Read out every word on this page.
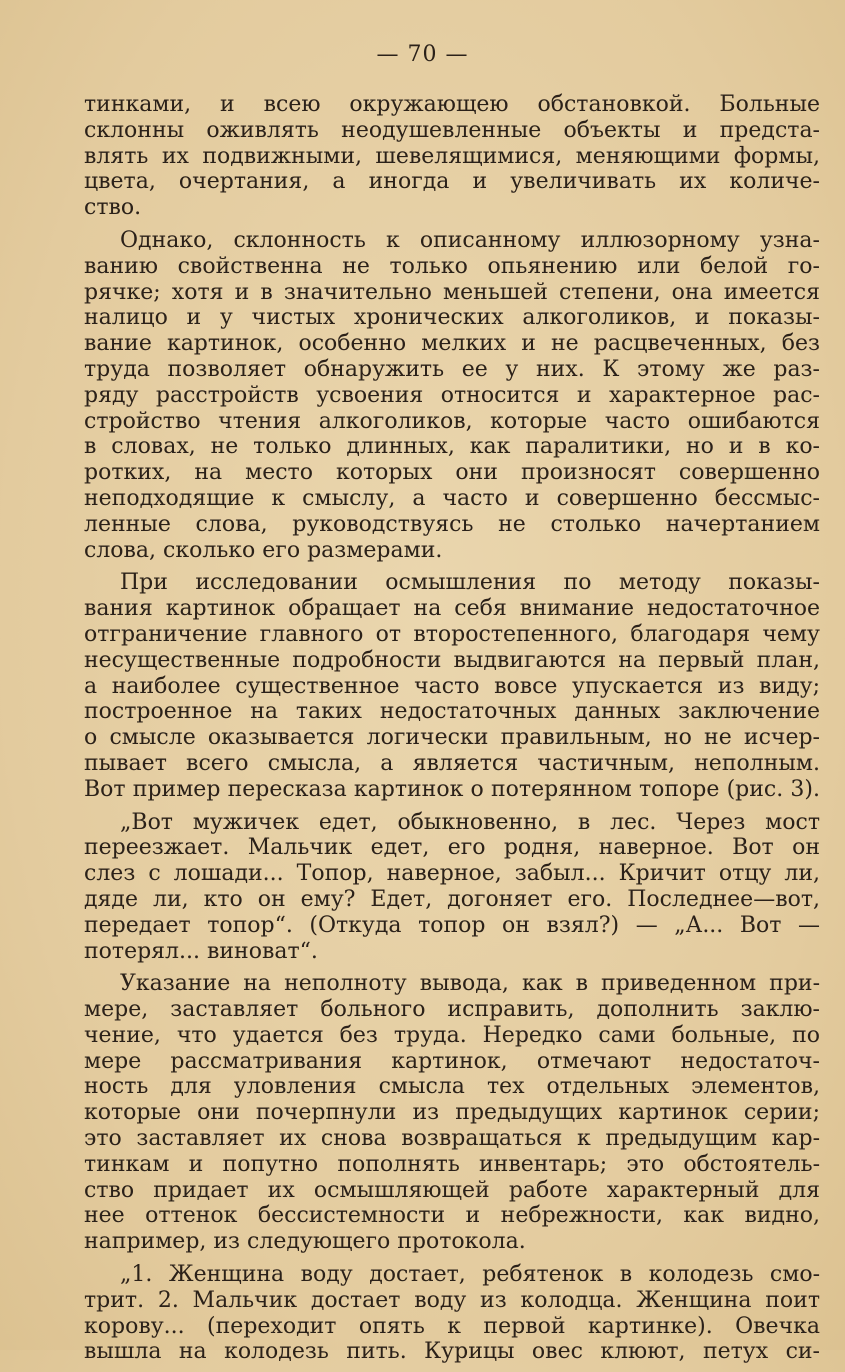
— 70 —
тинками, и всею окружающею обстановкой. Больные
склонны оживлять неодушевленные объекты и предста-
влять их подвижными, шевелящимися, меняющими формы,
цвета, очертания, а иногда и увеличивать их количе-
ство.
Однако, склонность к описанному иллюзорному узна-
ванию свойственна не только опьянению или белой го-
рячке; хотя и в значительно меньшей степени, она имеется
налицо и у чистых хронических алкоголиков, и показы-
вание картинок, особенно мелких и не расцвеченных, без
труда позволяет обнаружить ее у них. К этому же раз-
ряду расстройств усвоения относится и характерное рас-
стройство чтения алкоголиков, которые часто ошибаются
в словах, не только длинных, как паралитики, но и в ко-
ротких, на место которых они произносят совершенно
неподходящие к смыслу, а часто и совершенно бессмыс-
ленные слова, руководствуясь не столько начертанием
слова, сколько его размерами.
При исследовании осмышления по методу показы-
вания картинок обращает на себя внимание недостаточное
отграничение главного от второстепенного, благодаря чему
несущественные подробности выдвигаются на первый план,
а наиболее существенное часто вовсе упускается из виду;
построенное на таких недостаточных данных заключение
о смысле оказывается логически правильным, но не исчер-
пывает всего смысла, а является частичным, неполным.
Вот пример пересказа картинок о потерянном топоре (рис. 3).
„Вот мужичек едет, обыкновенно, в лес. Через мост
переезжает. Мальчик едет, его родня, наверное. Вот он
слез с лошади... Топор, наверное, забыл... Кричит отцу ли,
дяде ли, кто он ему? Едет, догоняет его. Последнее—вот,
передает топор“. (Откуда топор он взял?) — „А... Вот —
потерял... виноват“.
Указание на неполноту вывода, как в приведенном при-
мере, заставляет больного исправить, дополнить заклю-
чение, что удается без труда. Нередко сами больные, по
мере рассматривания картинок, отмечают недостаточ-
ность для уловления смысла тех отдельных элементов,
которые они почерпнули из предыдущих картинок серии;
это заставляет их снова возвращаться к предыдущим кар-
тинкам и попутно пополнять инвентарь; это обстоятель-
ство придает их осмышляющей работе характерный для
нее оттенок бессистемности и небрежности, как видно,
например, из следующего протокола.
„1. Женщина воду достает, ребятенок в колодезь смо-
трит. 2. Мальчик достает воду из колодца. Женщина поит
корову... (переходит опять к первой картинке). Овечка
вышла на колодезь пить. Курицы овес клюют, петух си-
